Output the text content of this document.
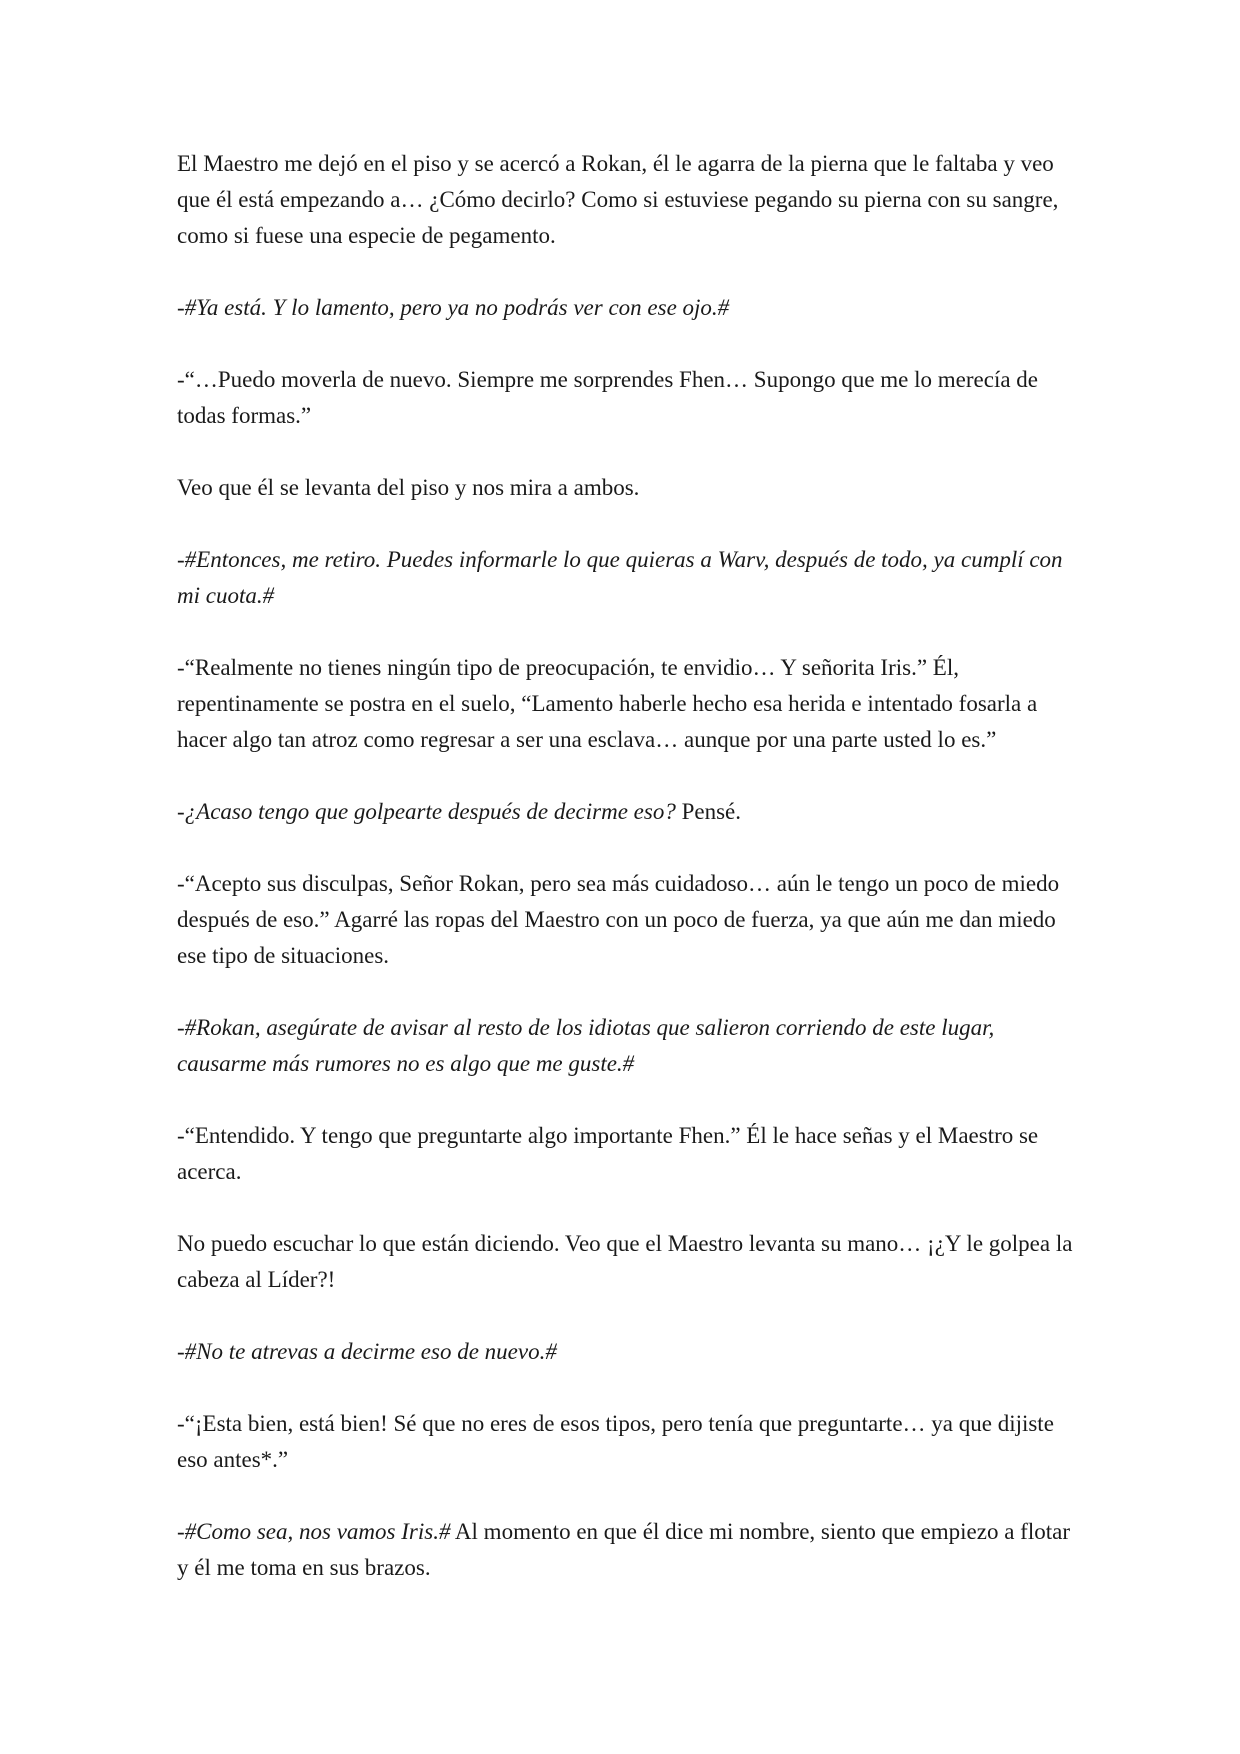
El Maestro me dejó en el piso y se acercó a Rokan, él le agarra de la pierna que le faltaba y veo que él está empezando a… ¿Cómo decirlo? Como si estuviese pegando su pierna con su sangre, como si fuese una especie de pegamento.

-#Ya está. Y lo lamento, pero ya no podrás ver con ese ojo.#

-“…Puedo moverla de nuevo. Siempre me sorprendes Fhen… Supongo que me lo merecía de todas formas.”

Veo que él se levanta del piso y nos mira a ambos.

-#Entonces, me retiro. Puedes informarle lo que quieras a Warv, después de todo, ya cumplí con mi cuota.#

-“Realmente no tienes ningún tipo de preocupación, te envidio… Y señorita Iris.” Él, repentinamente se postra en el suelo, “Lamento haberle hecho esa herida e intentado fosarla a hacer algo tan atroz como regresar a ser una esclava… aunque por una parte usted lo es.”

-¿Acaso tengo que golpearte después de decirme eso? Pensé.

-“Acepto sus disculpas, Señor Rokan, pero sea más cuidadoso… aún le tengo un poco de miedo después de eso.” Agarré las ropas del Maestro con un poco de fuerza, ya que aún me dan miedo ese tipo de situaciones.

-#Rokan, asegúrate de avisar al resto de los idiotas que salieron corriendo de este lugar, causarme más rumores no es algo que me guste.#

-“Entendido. Y tengo que preguntarte algo importante Fhen.” Él le hace señas y el Maestro se acerca.

No puedo escuchar lo que están diciendo. Veo que el Maestro levanta su mano… ¡¿Y le golpea la cabeza al Líder?!

-#No te atrevas a decirme eso de nuevo.#

-“¡Esta bien, está bien! Sé que no eres de esos tipos, pero tenía que preguntarte… ya que dijiste eso antes*.”

-#Como sea, nos vamos Iris.# Al momento en que él dice mi nombre, siento que empiezo a flotar y él me toma en sus brazos.
